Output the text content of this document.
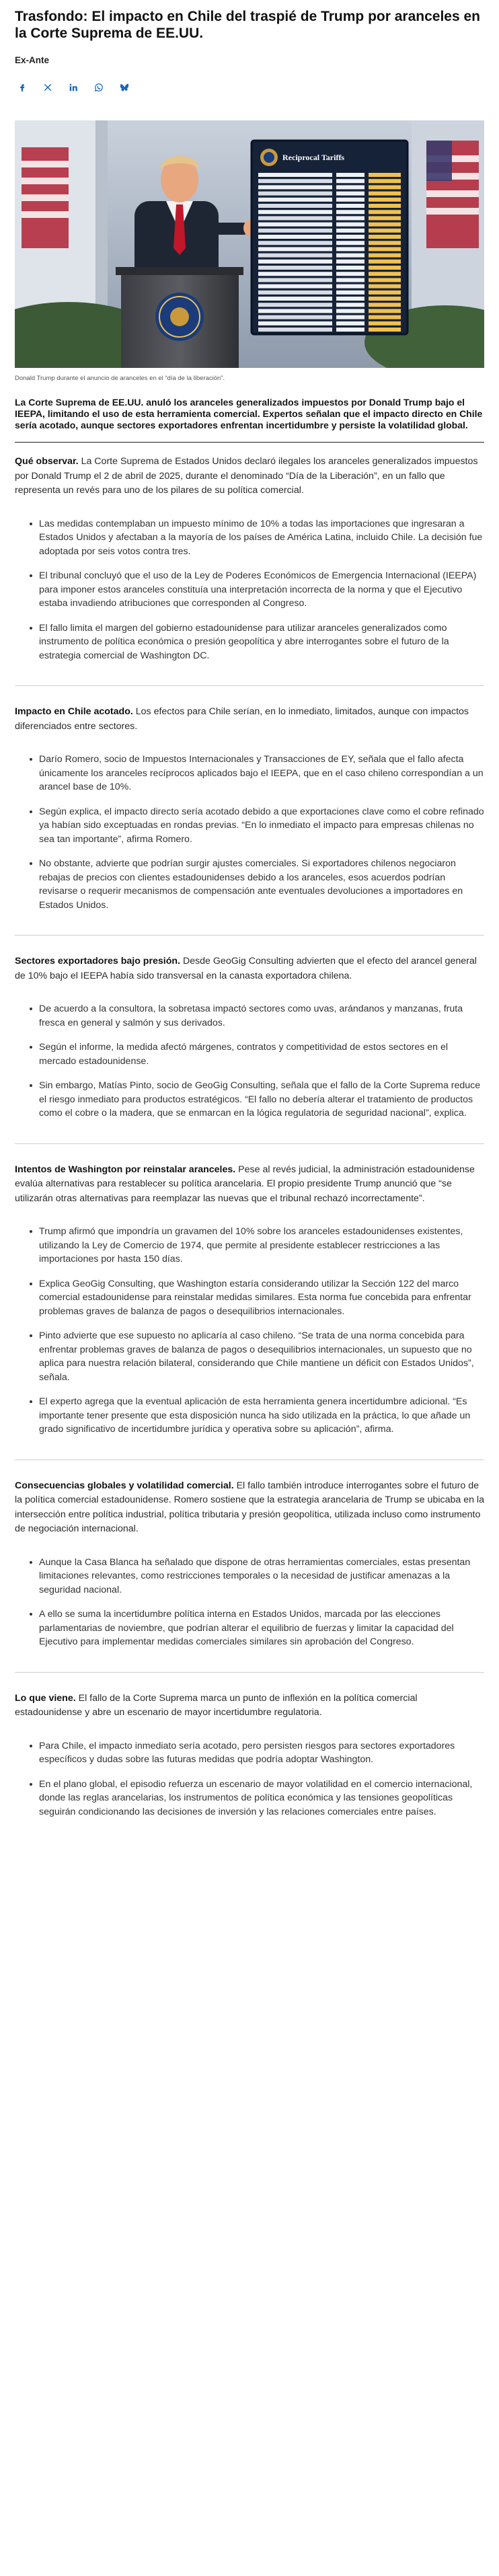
Trasfondo: El impacto en Chile del traspié de Trump por aranceles en la Corte Suprema de EE.UU.
Ex-Ante
Reciprocal Tariffs
Donald Trump durante el anuncio de aranceles en el “día de la liberación”.
La Corte Suprema de EE.UU. anuló los aranceles generalizados impuestos por Donald Trump bajo el IEEPA, limitando el uso de esta herramienta comercial. Expertos señalan que el impacto directo en Chile sería acotado, aunque sectores exportadores enfrentan incertidumbre y persiste la volatilidad global.

Qué observar. La Corte Suprema de Estados Unidos declaró ilegales los aranceles generalizados impuestos por Donald Trump el 2 de abril de 2025, durante el denominado “Día de la Liberación”, en un fallo que representa un revés para uno de los pilares de su política comercial.

Las medidas contemplaban un impuesto mínimo de 10% a todas las importaciones que ingresaran a Estados Unidos y afectaban a la mayoría de los países de América Latina, incluido Chile. La decisión fue adoptada por seis votos contra tres.
El tribunal concluyó que el uso de la Ley de Poderes Económicos de Emergencia Internacional (IEEPA) para imponer estos aranceles constituía una interpretación incorrecta de la norma y que el Ejecutivo estaba invadiendo atribuciones que corresponden al Congreso.
El fallo limita el margen del gobierno estadounidense para utilizar aranceles generalizados como instrumento de política económica o presión geopolítica y abre interrogantes sobre el futuro de la estrategia comercial de Washington DC.

Impacto en Chile acotado. Los efectos para Chile serían, en lo inmediato, limitados, aunque con impactos diferenciados entre sectores.

Darío Romero, socio de Impuestos Internacionales y Transacciones de EY, señala que el fallo afecta únicamente los aranceles recíprocos aplicados bajo el IEEPA, que en el caso chileno correspondían a un arancel base de 10%.
Según explica, el impacto directo sería acotado debido a que exportaciones clave como el cobre refinado ya habían sido exceptuadas en rondas previas. “En lo inmediato el impacto para empresas chilenas no sea tan importante”, afirma Romero.
No obstante, advierte que podrían surgir ajustes comerciales. Si exportadores chilenos negociaron rebajas de precios con clientes estadounidenses debido a los aranceles, esos acuerdos podrían revisarse o requerir mecanismos de compensación ante eventuales devoluciones a importadores en Estados Unidos.

Sectores exportadores bajo presión. Desde GeoGig Consulting advierten que el efecto del arancel general de 10% bajo el IEEPA había sido transversal en la canasta exportadora chilena.

De acuerdo a la consultora, la sobretasa impactó sectores como uvas, arándanos y manzanas, fruta fresca en general y salmón y sus derivados.
Según el informe, la medida afectó márgenes, contratos y competitividad de estos sectores en el mercado estadounidense.
Sin embargo, Matías Pinto, socio de GeoGig Consulting, señala que el fallo de la Corte Suprema reduce el riesgo inmediato para productos estratégicos. “El fallo no debería alterar el tratamiento de productos como el cobre o la madera, que se enmarcan en la lógica regulatoria de seguridad nacional”, explica.

Intentos de Washington por reinstalar aranceles. Pese al revés judicial, la administración estadounidense evalúa alternativas para restablecer su política arancelaria. El propio presidente Trump anunció que “se utilizarán otras alternativas para reemplazar las nuevas que el tribunal rechazó incorrectamente”.

Trump afirmó que impondría un gravamen del 10% sobre los aranceles estadounidenses existentes, utilizando la Ley de Comercio de 1974, que permite al presidente establecer restricciones a las importaciones por hasta 150 días.
Explica GeoGig Consulting, que Washington estaría considerando utilizar la Sección 122 del marco comercial estadounidense para reinstalar medidas similares. Esta norma fue concebida para enfrentar problemas graves de balanza de pagos o desequilibrios internacionales.
Pinto advierte que ese supuesto no aplicaría al caso chileno. “Se trata de una norma concebida para enfrentar problemas graves de balanza de pagos o desequilibrios internacionales, un supuesto que no aplica para nuestra relación bilateral, considerando que Chile mantiene un déficit con Estados Unidos”, señala.
El experto agrega que la eventual aplicación de esta herramienta genera incertidumbre adicional. “Es importante tener presente que esta disposición nunca ha sido utilizada en la práctica, lo que añade un grado significativo de incertidumbre jurídica y operativa sobre su aplicación”, afirma.

Consecuencias globales y volatilidad comercial. El fallo también introduce interrogantes sobre el futuro de la política comercial estadounidense. Romero sostiene que la estrategia arancelaria de Trump se ubicaba en la intersección entre política industrial, política tributaria y presión geopolítica, utilizada incluso como instrumento de negociación internacional.

Aunque la Casa Blanca ha señalado que dispone de otras herramientas comerciales, estas presentan limitaciones relevantes, como restricciones temporales o la necesidad de justificar amenazas a la seguridad nacional.
A ello se suma la incertidumbre política interna en Estados Unidos, marcada por las elecciones parlamentarias de noviembre, que podrían alterar el equilibrio de fuerzas y limitar la capacidad del Ejecutivo para implementar medidas comerciales similares sin aprobación del Congreso.

Lo que viene. El fallo de la Corte Suprema marca un punto de inflexión en la política comercial estadounidense y abre un escenario de mayor incertidumbre regulatoria.

Para Chile, el impacto inmediato sería acotado, pero persisten riesgos para sectores exportadores específicos y dudas sobre las futuras medidas que podría adoptar Washington.
En el plano global, el episodio refuerza un escenario de mayor volatilidad en el comercio internacional, donde las reglas arancelarias, los instrumentos de política económica y las tensiones geopolíticas seguirán condicionando las decisiones de inversión y las relaciones comerciales entre países.
